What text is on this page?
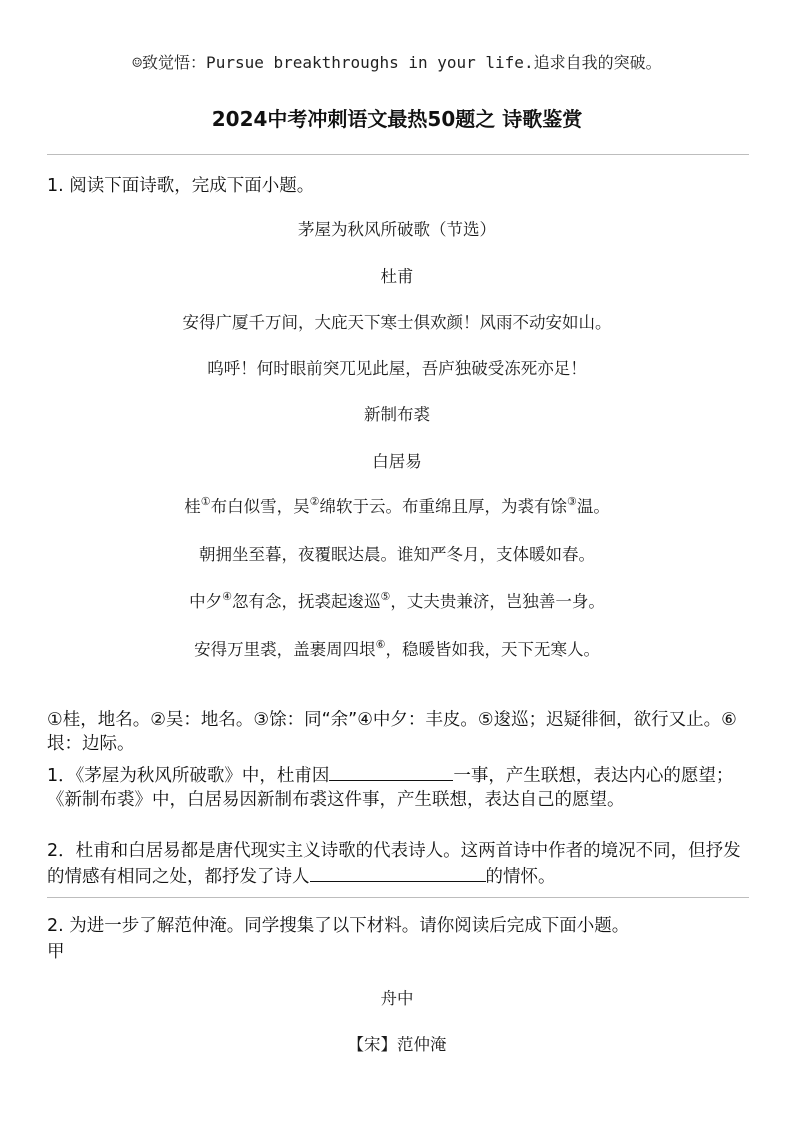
☺致觉悟：Pursue breakthroughs in your life.追求自我的突破。
2024中考冲刺语文最热50题之 诗歌鉴赏
1. 阅读下面诗歌，完成下面小题。
茅屋为秋风所破歌（节选）
杜甫
安得广厦千万间，大庇天下寒士俱欢颜！风雨不动安如山。
呜呼！何时眼前突兀见此屋，吾庐独破受冻死亦足！
新制布裘
白居易
桂①布白似雪，吴②绵软于云。布重绵且厚，为裘有馀③温。
朝拥坐至暮，夜覆眠达晨。谁知严冬月，支体暖如春。
中夕④忽有念，抚裘起逡巡⑤，丈夫贵兼济，岂独善一身。
安得万里裘，盖裹周四垠⑥，稳暖皆如我，天下无寒人。
①桂，地名。②吴：地名。③馀：同“余”④中夕：丰皮。⑤逡巡；迟疑徘徊，欲行又止。⑥垠：边际。
1．《茅屋为秋风所破歌》中，杜甫因	一事，产生联想，表达内心的愿望；《新制布裘》中，白居易因新制布裘这件事，产生联想，表达自己的愿望。
2．杜甫和白居易都是唐代现实主义诗歌的代表诗人。这两首诗中作者的境况不同，但抒发的情感有相同之处，都抒发了诗人	的情怀。
2. 为进一步了解范仲淹。同学搜集了以下材料。请你阅读后完成下面小题。
甲
舟中
【宋】范仲淹
